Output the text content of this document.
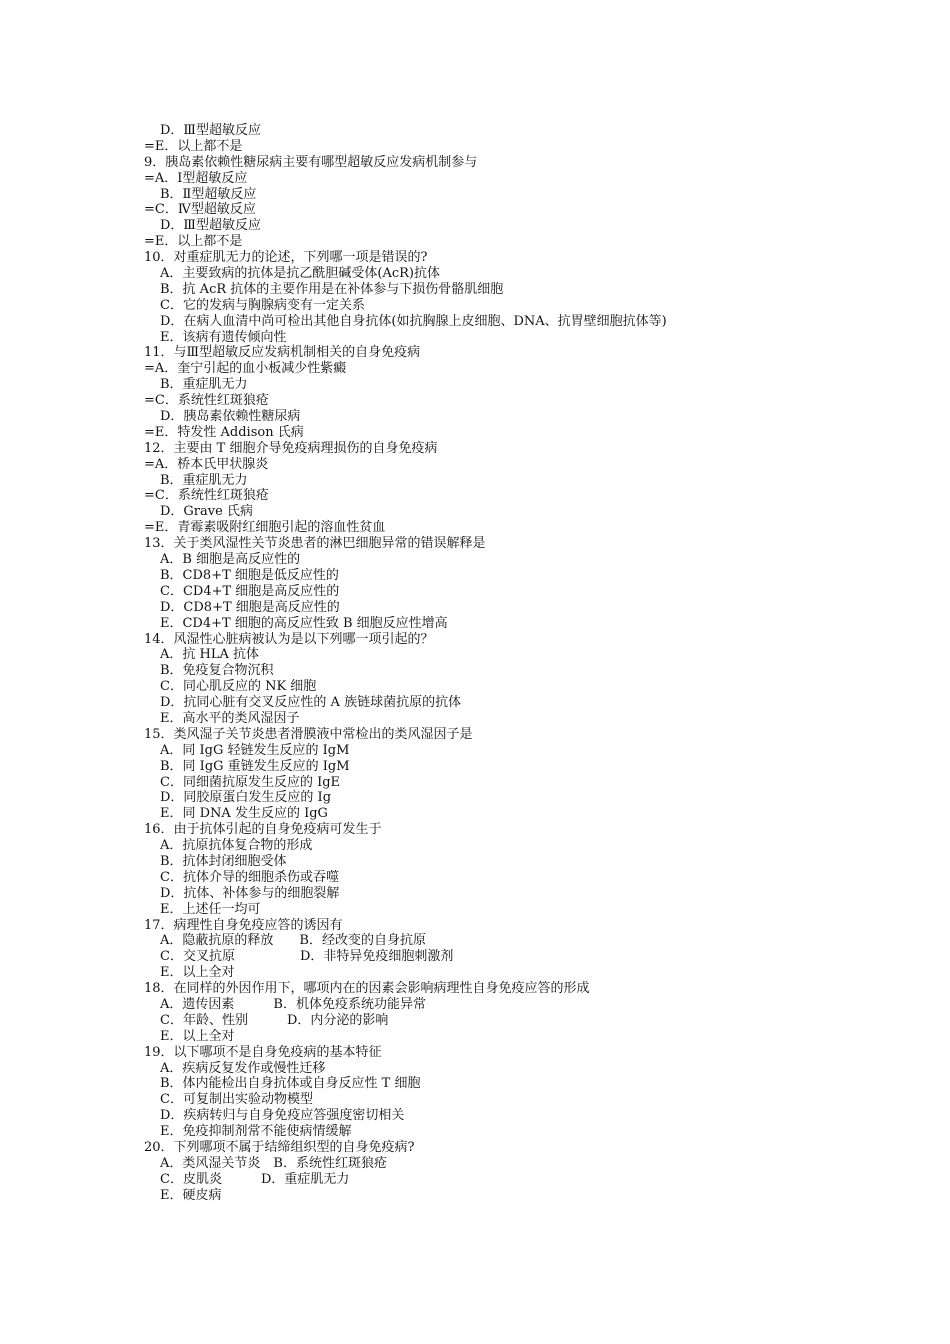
D．Ⅲ型超敏反应
=E．以上都不是
9．胰岛素依赖性糖尿病主要有哪型超敏反应发病机制参与
=A．Ⅰ型超敏反应
B．Ⅱ型超敏反应
=C．Ⅳ型超敏反应
D．Ⅲ型超敏反应
=E．以上都不是
10．对重症肌无力的论述，下列哪一项是错误的?
A．主要致病的抗体是抗乙酰胆碱受体(AcR)抗体
B．抗 AcR 抗体的主要作用是在补体参与下损伤骨骼肌细胞
C．它的发病与胸腺病变有一定关系
D．在病人血清中尚可检出其他自身抗体(如抗胸腺上皮细胞、DNA、抗胃壁细胞抗体等)
E．该病有遗传倾向性
11．与Ⅲ型超敏反应发病机制相关的自身免疫病
=A．奎宁引起的血小板减少性紫癜
B．重症肌无力
=C．系统性红斑狼疮
D．胰岛素依赖性糖尿病
=E．特发性 Addison 氏病
12．主要由 T 细胞介导免疫病理损伤的自身免疫病
=A．桥本氏甲状腺炎
B．重症肌无力
=C．系统性红斑狼疮
D．Grave 氏病
=E．青霉素吸附红细胞引起的溶血性贫血
13．关于类风湿性关节炎患者的淋巴细胞异常的错误解释是
A．B 细胞是高反应性的
B．CD8+T 细胞是低反应性的
C．CD4+T 细胞是高反应性的
D．CD8+T 细胞是高反应性的
E．CD4+T 细胞的高反应性致 B 细胞反应性增高
14．风湿性心脏病被认为是以下列哪一项引起的？
A．抗 HLA 抗体
B．免疫复合物沉积
C．同心肌反应的 NK 细胞
D．抗同心脏有交叉反应性的 A 族链球菌抗原的抗体
E．高水平的类风湿因子
15．类风湿子关节炎患者滑膜液中常检出的类风湿因子是
A．同 IgG 轻链发生反应的 IgM
B．同 IgG 重链发生反应的 IgM
C．同细菌抗原发生反应的 IgE
D．同胶原蛋白发生反应的 Ig
E．同 DNA 发生反应的 IgG
16．由于抗体引起的自身免疫病可发生于
A．抗原抗体复合物的形成
B．抗体封闭细胞受体
C．抗体介导的细胞杀伤或吞噬
D．抗体、补体参与的细胞裂解
E．上述任一均可
17．病理性自身免疫应答的诱因有
A．隐蔽抗原的释放　　B．经改变的自身抗原
C．交叉抗原　　　　　D．非特异免疫细胞刺激剂
E．以上全对
18．在同样的外因作用下，哪项内在的因素会影响病理性自身免疫应答的形成
A．遗传因素　　　B．机体免疫系统功能异常
C．年龄、性别　　　D．内分泌的影响
E．以上全对
19．以下哪项不是自身免疫病的基本特征
A．疾病反复发作或慢性迁移
B．体内能检出自身抗体或自身反应性 T 细胞
C．可复制出实验动物模型
D．疾病转归与自身免疫应答强度密切相关
E．免疫抑制剂常不能使病情缓解
20．下列哪项不属于结缔组织型的自身免疫病?
A．类风湿关节炎　B．系统性红斑狼疮
C．皮肌炎　　　D．重症肌无力
E．硬皮病
